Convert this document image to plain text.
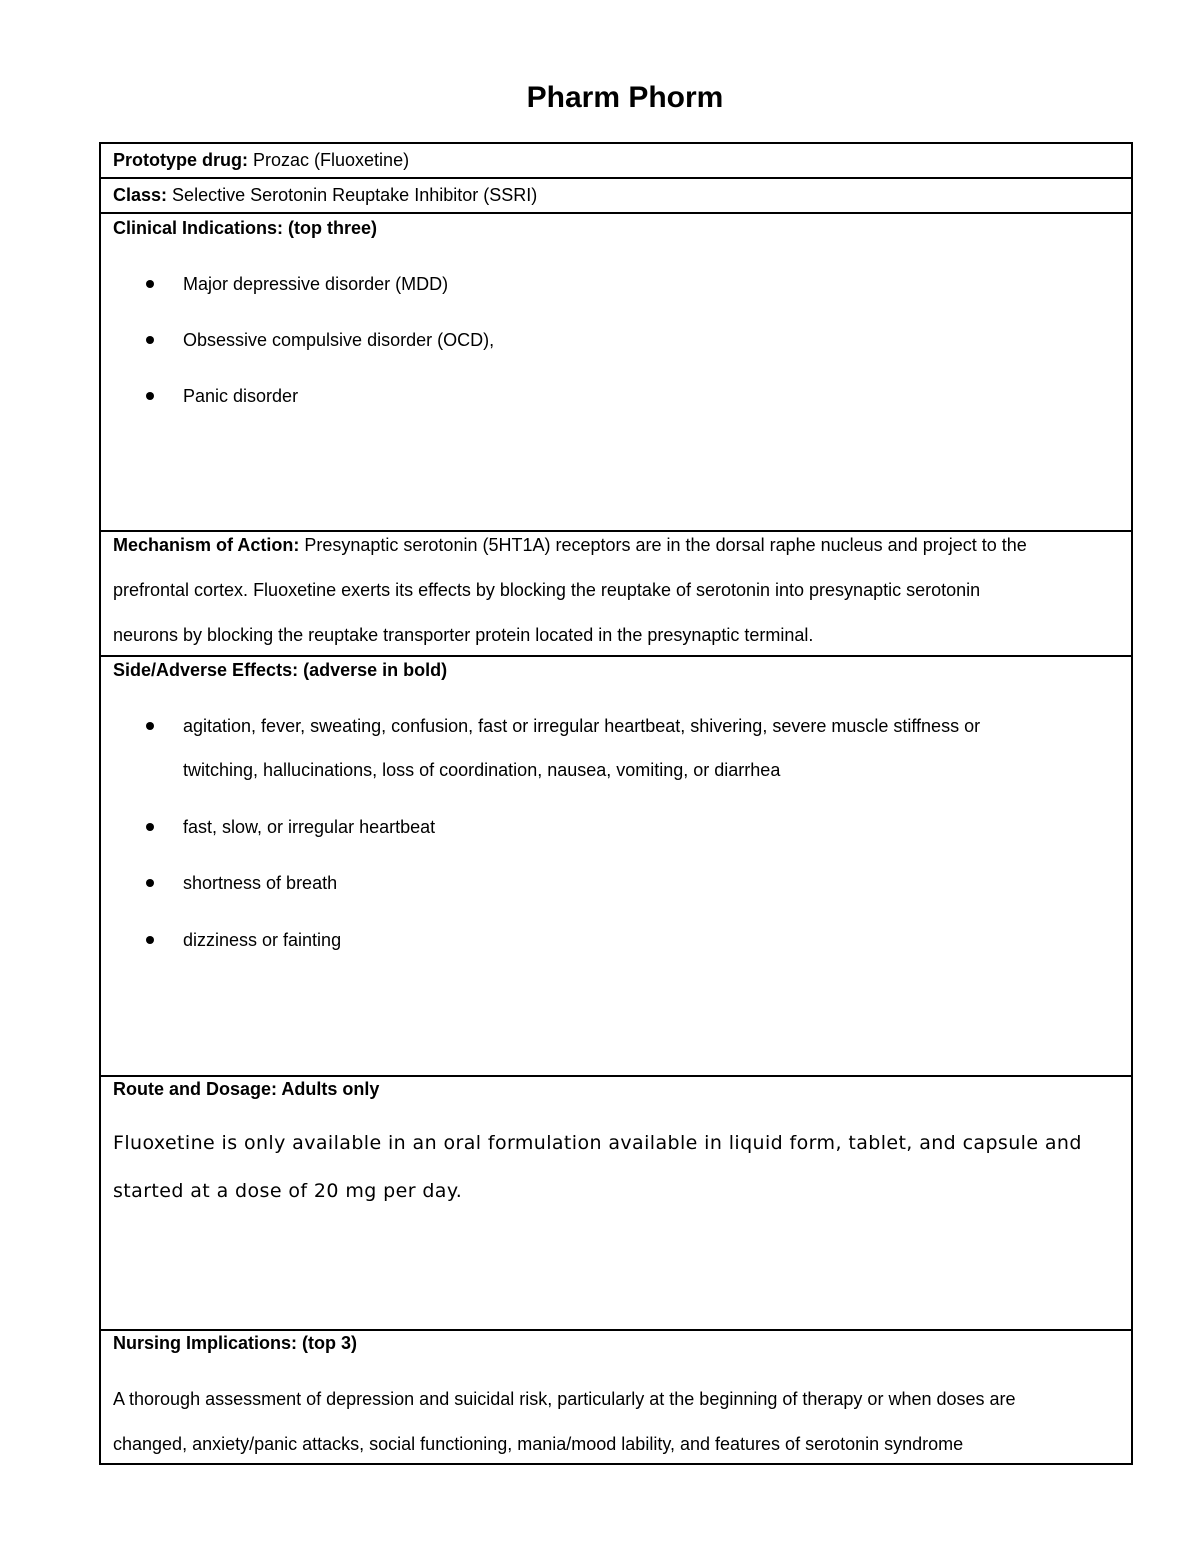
Pharm Phorm
Prototype drug: Prozac (Fluoxetine)
Class: Selective Serotonin Reuptake Inhibitor (SSRI)
Clinical Indications: (top three)
Major depressive disorder (MDD)
Obsessive compulsive disorder (OCD),
Panic disorder
Mechanism of Action: Presynaptic serotonin (5HT1A) receptors are in the dorsal raphe nucleus and project to the
prefrontal cortex. Fluoxetine exerts its effects by blocking the reuptake of serotonin into presynaptic serotonin
neurons by blocking the reuptake transporter protein located in the presynaptic terminal.
Side/Adverse Effects: (adverse in bold)
agitation, fever, sweating, confusion, fast or irregular heartbeat, shivering, severe muscle stiffness or
twitching, hallucinations, loss of coordination, nausea, vomiting, or diarrhea
fast, slow, or irregular heartbeat
shortness of breath
dizziness or fainting
Route and Dosage: Adults only
Fluoxetine is only available in an oral formulation available in liquid form, tablet, and capsule and
started at a dose of 20 mg per day.
Nursing Implications: (top 3)
A thorough assessment of depression and suicidal risk, particularly at the beginning of therapy or when doses are
changed, anxiety/panic attacks, social functioning, mania/mood lability, and features of serotonin syndrome
